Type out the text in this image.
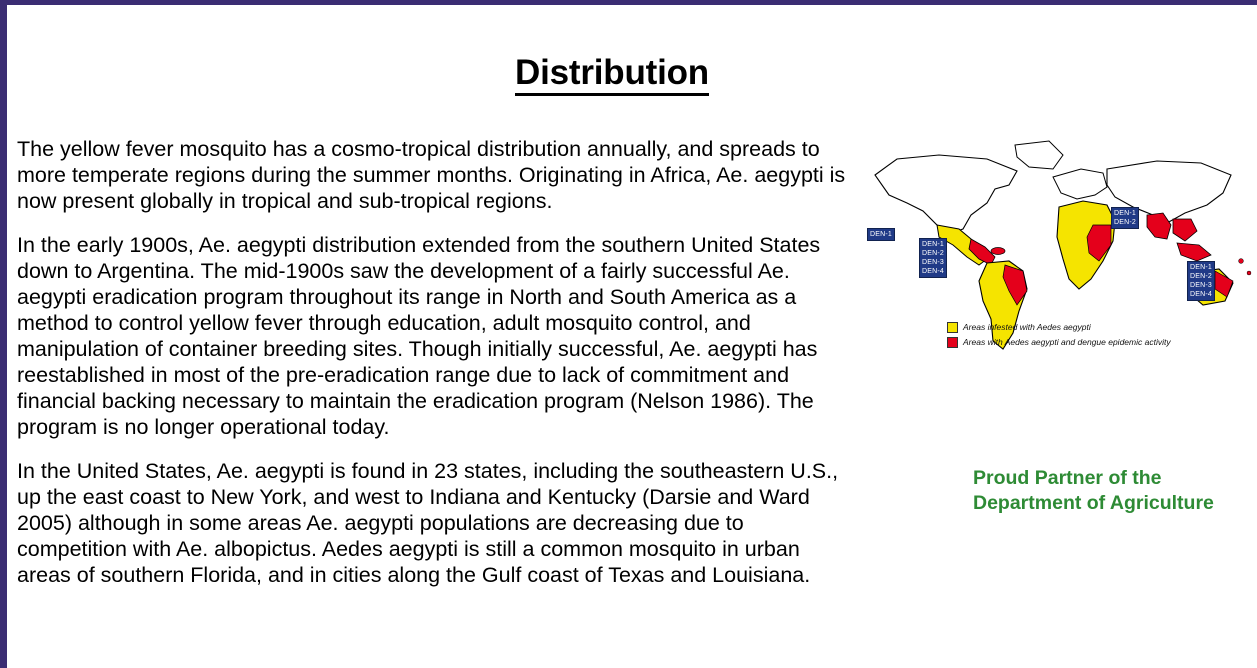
Distribution

The yellow fever mosquito has a cosmo-tropical distribution annually, and spreads to more temperate regions during the summer months. Originating in Africa, Ae. aegypti is now present globally in tropical and sub-tropical regions.

In the early 1900s, Ae. aegypti distribution extended from the southern United States down to Argentina. The mid-1900s saw the development of a fairly successful Ae. aegypti eradication program throughout its range in North and South America as a method to control yellow fever through education, adult mosquito control, and manipulation of container breeding sites. Though initially successful, Ae. aegypti has reestablished in most of the pre-eradication range due to lack of commitment and financial backing necessary to maintain the eradication program (Nelson 1986). The program is no longer operational today.

In the United States, Ae. aegypti is found in 23 states, including the southeastern U.S., up the east coast to New York, and west to Indiana and Kentucky (Darsie and Ward 2005) although in some areas Ae. aegypti populations are decreasing due to competition with Ae. albopictus. Aedes aegypti is still a common mosquito in urban areas of southern Florida, and in cities along the Gulf coast of Texas and Louisiana.

DEN-1
DEN-1
DEN-2
DEN-3
DEN-4
DEN-1
DEN-2
DEN-1
DEN-2
DEN-3
DEN-4
Areas infested with Aedes aegypti
Areas with Aedes aegypti and dengue epidemic activity
Proud Partner of the Department of Agriculture
